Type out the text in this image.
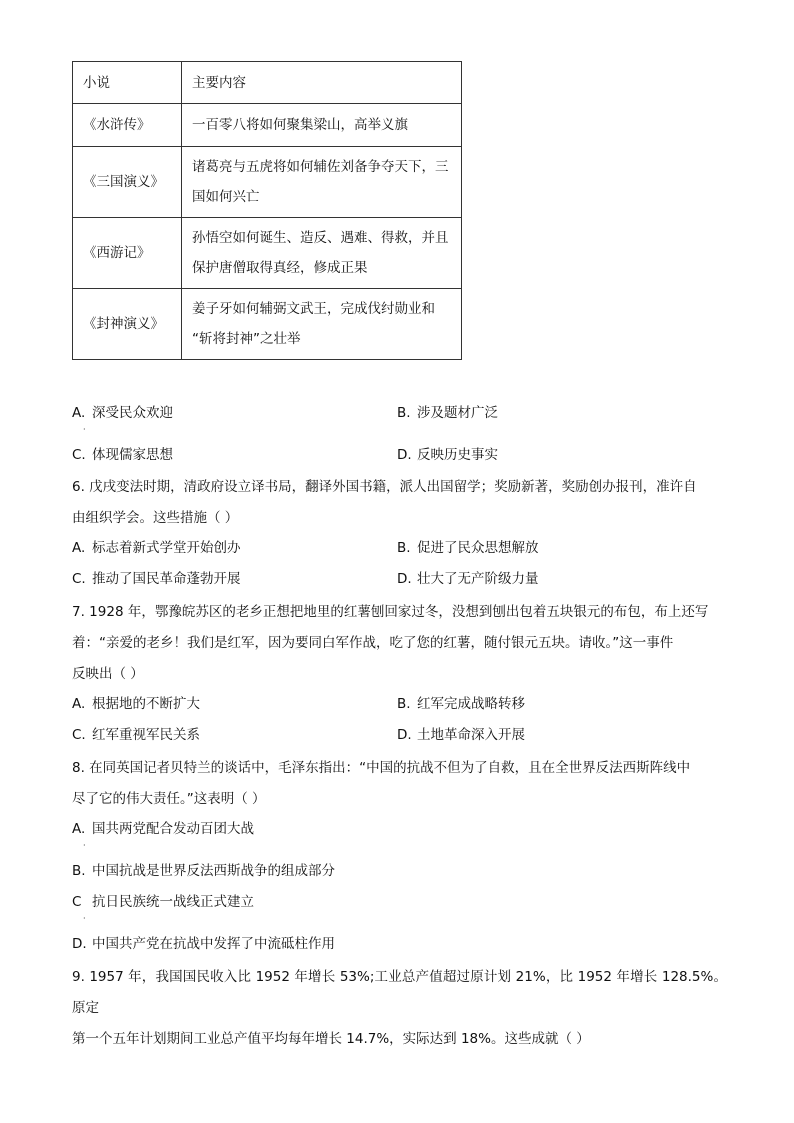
小说	主要内容
《水浒传》	一百零八将如何聚集梁山，高举义旗
《三国演义》	诸葛亮与五虎将如何辅佐刘备争夺天下，三
国如何兴亡
《西游记》	孙悟空如何诞生、造反、遇难、得救，并且
保护唐僧取得真经，修成正果
《封神演义》	姜子牙如何辅弼文武王，完成伐纣勋业和
“斩将封神”之壮举
A. 深受民众欢迎
·
B. 涉及题材广泛
C. 体现儒家思想	D. 反映历史事实
6. 戊戌变法时期，清政府设立译书局，翻译外国书籍，派人出国留学；奖励新著，奖励创办报刊，准许自
由组织学会。这些措施（ ）
A. 标志着新式学堂开始创办	B. 促进了民众思想解放
C. 推动了国民革命蓬勃开展	D. 壮大了无产阶级力量
7. 1928 年，鄂豫皖苏区的老乡正想把地里的红薯刨回家过冬，没想到刨出包着五块银元的布包，布上还写
着：“亲爱的老乡！我们是红军，因为要同白军作战，吃了您的红薯，随付银元五块。请收。”这一事件
反映出（ ）
A. 根据地的不断扩大	B. 红军完成战略转移
C. 红军重视军民关系	D. 土地革命深入开展
8. 在同英国记者贝特兰的谈话中，毛泽东指出：“中国的抗战不但为了自救，且在全世界反法西斯阵线中
尽了它的伟大责任。”这表明（ ）
A. 国共两党配合发动百团大战
·
B. 中国抗战是世界反法西斯战争的组成部分
C 抗日民族统一战线正式建立
·
D. 中国共产党在抗战中发挥了中流砥柱作用
9. 1957 年，我国国民收入比 1952 年增长 53%;工业总产值超过原计划 21%，比 1952 年增长 128.5%。原定
第一个五年计划期间工业总产值平均每年增长 14.7%，实际达到 18%。这些成就（ ）
